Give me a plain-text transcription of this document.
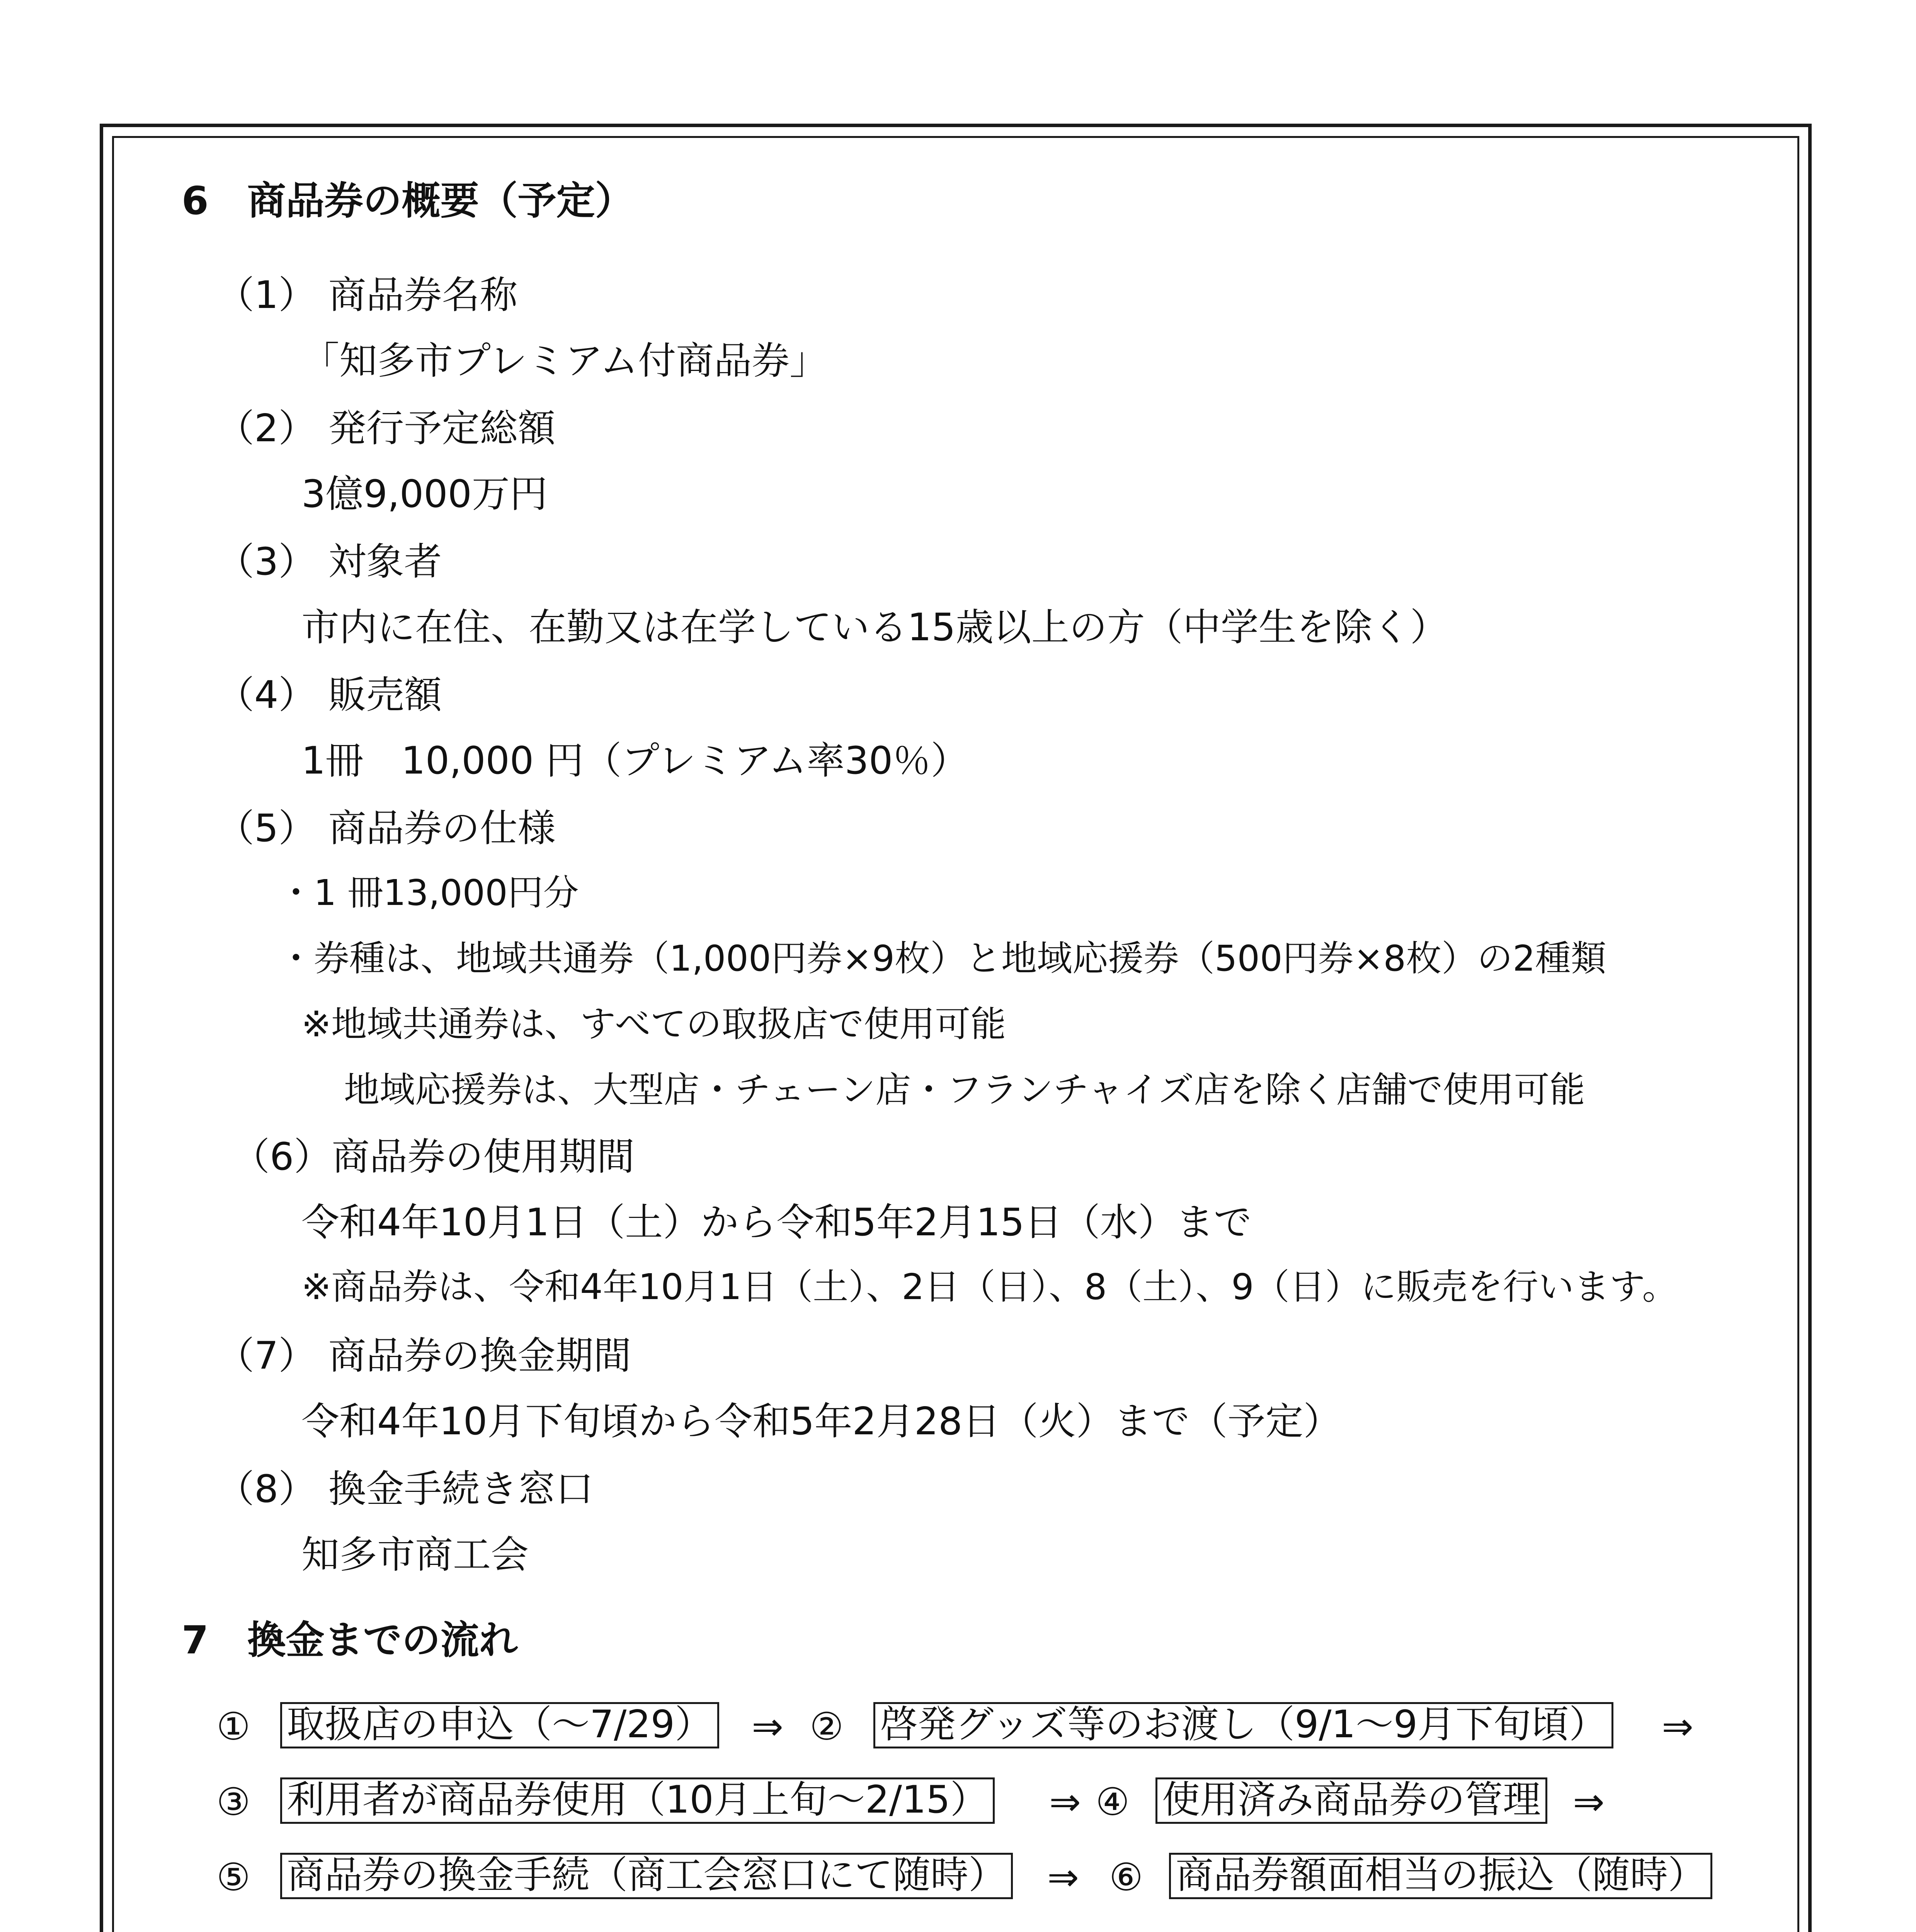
6　商品券の概要（予定）
（1） 商品券名称
「知多市プレミアム付商品券」
（2） 発行予定総額
3億9,000万円
（3） 対象者
市内に在住、在勤又は在学している15歳以上の方（中学生を除く）
（4） 販売額
1冊　10,000 円（プレミアム率30％）
（5） 商品券の仕様
・1 冊13,000円分
・券種は、地域共通券（1,000円券×9枚）と地域応援券（500円券×8枚）の2種類
※地域共通券は、すべての取扱店で使用可能
地域応援券は、大型店・チェーン店・フランチャイズ店を除く店舗で使用可能
（6）商品券の使用期間
令和4年10月1日（土）から令和5年2月15日（水）まで
※商品券は、令和4年10月1日（土）、2日（日）、8（土）、9（日）に販売を行います。
（7） 商品券の換金期間
令和4年10月下旬頃から令和5年2月28日（火）まで（予定）
（8） 換金手続き窓口
知多市商工会
7　換金までの流れ
① 取扱店の申込（～7/29） ⇒ ② 啓発グッズ等のお渡し（9/1～9月下旬頃） ⇒
③ 利用者が商品券使用（10月上旬～2/15） ⇒ ④ 使用済み商品券の管理 ⇒
⑤ 商品券の換金手続（商工会窓口にて随時） ⇒ ⑥ 商品券額面相当の振込（随時）
